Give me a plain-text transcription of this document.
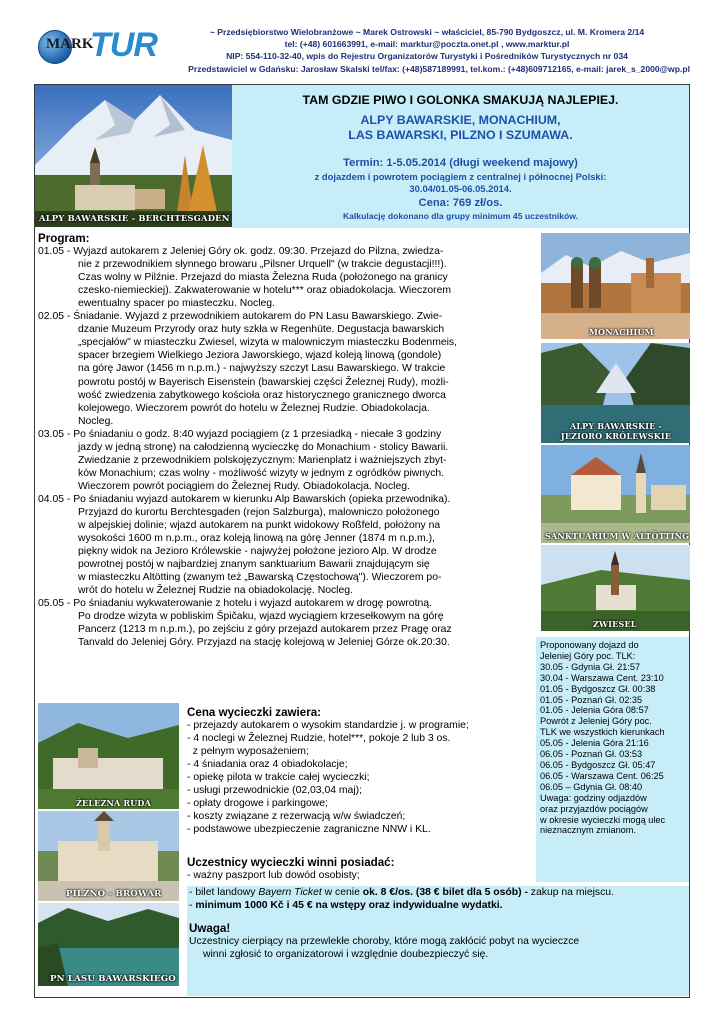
MARK
TUR	~ Przedsiębiorstwo Wielobranżowe ~ Marek Ostrowski ~ właściciel, 85-790 Bydgoszcz, ul. M. Kromera 2/14
tel: (+48) 601663991, e-mail: marktur@poczta.onet.pl , www.marktur.pl
NIP: 554-110-32-40, wpis do Rejestru Organizatorów Turystyki i Pośredników Turystycznych nr 034
Przedstawiciel w Gdańsku: Jarosław Skalski tel/fax: (+48)587189991, tel.kom.: (+48)609712165, e-mail: jarek_s_2000@wp.pl
ALPY BAWARSKIE - BERCHTESGADEN
TAM GDZIE PIWO I GOLONKA SMAKUJĄ NAJLEPIEJ.
ALPY BAWARSKIE, MONACHIUM,
LAS BAWARSKI, PILZNO I SZUMAWA.
Termin: 1-5.05.2014 (długi weekend majowy)
z dojazdem i powrotem pociągiem z centralnej i północnej Polski:
30.04/01.05-06.05.2014.
Cena: 769 zł/os.
Kalkulację dokonano dla grupy minimum 45 uczestników.
Program:
01.05 - Wyjazd autokarem z Jeleniej Góry ok. godz. 09:30. Przejazd do Pilzna, zwiedza-
nie z przewodnikiem słynnego browaru „Pilsner Urquell" (w trakcie degustacji!!!).
Czas wolny w Pilźnie. Przejazd do miasta Železna Ruda (położonego na granicy
czesko-niemieckiej). Zakwaterowanie w hotelu*** oraz obiadokolacja. Wieczorem
ewentualny spacer po miasteczku. Nocleg.
02.05 - Śniadanie. Wyjazd z przewodnikiem autokarem do PN Lasu Bawarskiego. Zwie-
dzanie Muzeum Przyrody oraz huty szkła w Regenhüte. Degustacja bawarskich
„specjałów" w miasteczku Zwiesel, wizyta w malowniczym miasteczku Bodenmeis,
spacer brzegiem Wielkiego Jeziora Jaworskiego, wjazd koleją linową (gondole)
na górę Jawor (1456 m n.p.m.) - najwyższy szczyt Lasu Bawarskiego. W trakcie
powrotu postój w Bayerisch Eisenstein (bawarskiej części Železnej Rudy), możli-
wość zwiedzenia zabytkowego kościoła oraz historycznego granicznego dworca
kolejowego. Wieczorem powrót do hotelu w Železnej Rudzie. Obiadokolacja.
Nocleg.
03.05 - Po śniadaniu o godz. 8:40 wyjazd pociągiem (z 1 przesiadką - niecałe 3 godziny
jazdy w jedną stronę) na całodzienną wycieczkę do Monachium - stolicy Bawarii.
Zwiedzanie z przewodnikiem polskojęzycznym: Marienplatz i ważniejszych zbyt-
ków Monachium; czas wolny - możliwość wizyty w jednym z ogródków piwnych.
Wieczorem powrót pociągiem do Železnej Rudy. Obiadokolacja. Nocleg.
04.05 - Po śniadaniu wyjazd autokarem w kierunku Alp Bawarskich (opieka przewodnika).
Przyjazd do kurortu Berchtesgaden (rejon Salzburga), malowniczo położonego
w alpejskiej dolinie; wjazd autokarem na punkt widokowy Roßfeld, położony na
wysokości 1600 m n.p.m., oraz koleją linową na górę Jenner (1874 m n.p.m.),
piękny widok na Jezioro Królewskie - najwyżej położone jezioro Alp. W drodze
powrotnej postój w najbardziej znanym sanktuarium Bawarii znajdującym się
w miasteczku Altötting (zwanym też „Bawarską Częstochową"). Wieczorem po-
wrót do hotelu w Železnej Rudzie na obiadokolację. Nocleg.
05.05 - Po śniadaniu wykwaterowanie z hotelu i wyjazd autokarem w drogę powrotną.
Po drodze wizyta w pobliskim Špičaku, wjazd wyciągiem krzesełkowym na górę
Pancerz (1213 m n.p.m.), po zejściu z góry przejazd autokarem przez Pragę oraz
Tanvald do Jeleniej Góry. Przyjazd na stację kolejową w Jeleniej Górze ok.20:30.
MONACHIUM
ALPY BAWARSKIE -
JEZIORO KRÓLEWSKIE
SANKTUARIUM W ALTÖTTING
ZWIESEL
Proponowany dojazd do
Jeleniej Góry poc. TLK:
30.05 - Gdynia Gł. 21:57
30.04 - Warszawa Cent. 23:10
01.05 - Bydgoszcz Gł. 00:38
01.05 - Poznań Gł. 02:35
01.05 - Jelenia Góra 08:57
Powrót z Jeleniej Góry poc.
TLK we wszystkich kierunkach
05.05 - Jelenia Góra 21:16
06.05 - Poznań Gł. 03:53
06.05 - Bydgoszcz Gł. 05:47
06.05 - Warszawa Cent. 06:25
06.05 – Gdynia Gł. 08:40
Uwaga: godziny odjazdów
oraz przyjazdów pociągów
w okresie wycieczki mogą ulec
nieznacznym zmianom.
ŻELEZNA RUDA
PILZNO - BROWAR
PN LASU BAWARSKIEGO
Cena wycieczki zawiera:
- przejazdy autokarem o wysokim standardzie j. w programie;
- 4 noclegi w Železnej Rudzie, hotel***, pokoje 2 lub 3 os.
z pełnym wyposażeniem;
- 4 śniadania oraz 4 obiadokolacje;
- opiekę pilota w trakcie całej wycieczki;
- usługi przewodnickie (02,03,04 maj);
- opłaty drogowe i parkingowe;
- koszty związane z rezerwacją w/w świadczeń;
- podstawowe ubezpieczenie zagraniczne NNW i KL.
Uczestnicy wycieczki winni posiadać:
- ważny paszport lub dowód osobisty;
- bilet landowy Bayern Ticket w cenie ok. 8 €/os. (38 € bilet dla 5 osób) - zakup na miejscu.
- minimum 1000 Kč i 45 € na wstępy oraz indywidualne wydatki.
Uwaga!
Uczestnicy cierpiący na przewlekłe choroby, które mogą zakłócić pobyt na wycieczce
winni zgłosić to organizatorowi i względnie doubezpieczyć się.
